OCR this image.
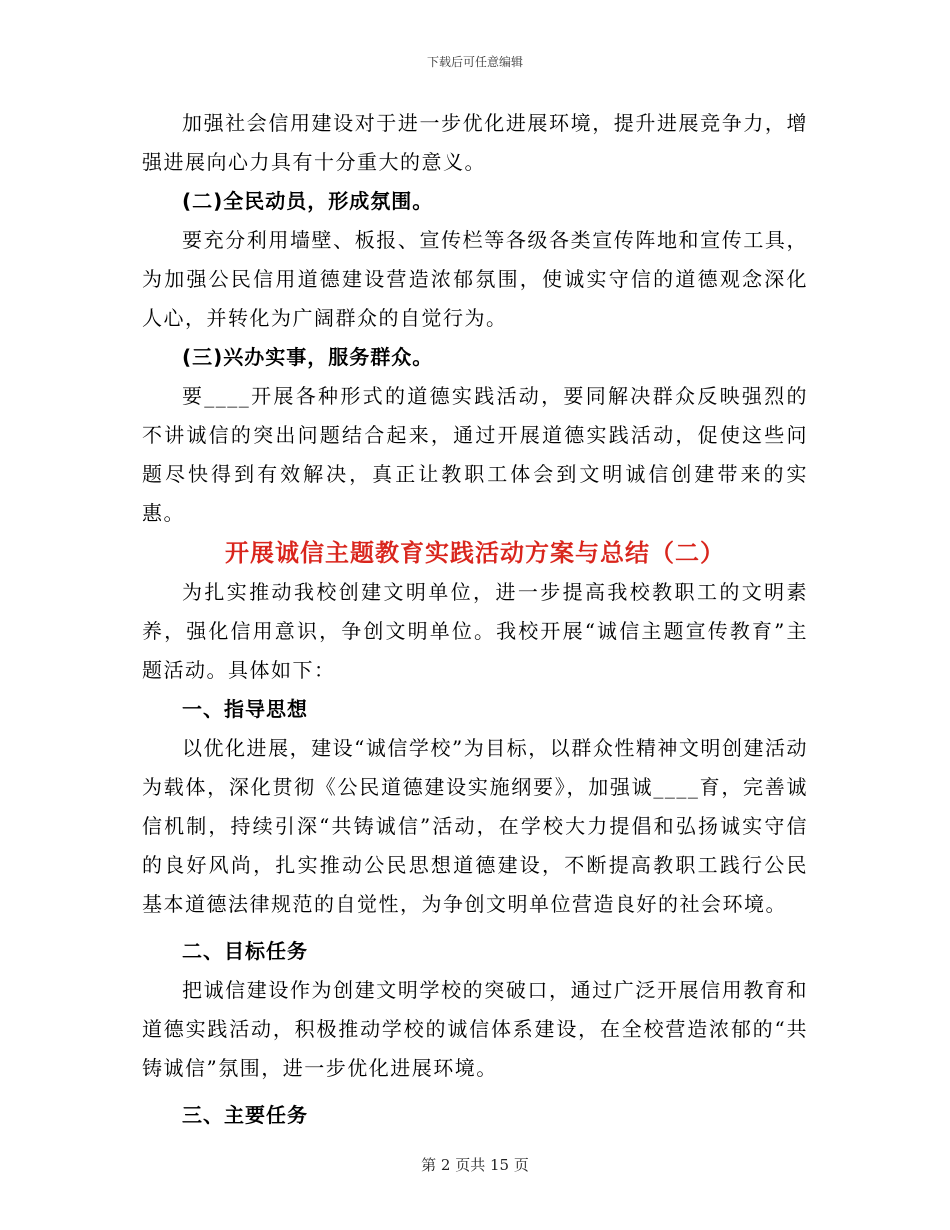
下载后可任意编辑

加强社会信用建设对于进一步优化进展环境，提升进展竞争力，增强进展向心力具有十分重大的意义。

(二)全民动员，形成氛围。

要充分利用墙壁、板报、宣传栏等各级各类宣传阵地和宣传工具，为加强公民信用道德建设营造浓郁氛围，使诚实守信的道德观念深化人心，并转化为广阔群众的自觉行为。

(三)兴办实事，服务群众。

要____开展各种形式的道德实践活动，要同解决群众反映强烈的不讲诚信的突出问题结合起来，通过开展道德实践活动，促使这些问题尽快得到有效解决，真正让教职工体会到文明诚信创建带来的实惠。

开展诚信主题教育实践活动方案与总结（二）

为扎实推动我校创建文明单位，进一步提高我校教职工的文明素养，强化信用意识，争创文明单位。我校开展“诚信主题宣传教育”主题活动。具体如下：

一、指导思想

以优化进展，建设“诚信学校”为目标，以群众性精神文明创建活动为载体，深化贯彻《公民道德建设实施纲要》，加强诚____育，完善诚信机制，持续引深“共铸诚信”活动，在学校大力提倡和弘扬诚实守信的良好风尚，扎实推动公民思想道德建设，不断提高教职工践行公民基本道德法律规范的自觉性，为争创文明单位营造良好的社会环境。

二、目标任务

把诚信建设作为创建文明学校的突破口，通过广泛开展信用教育和道德实践活动，积极推动学校的诚信体系建设，在全校营造浓郁的“共铸诚信”氛围，进一步优化进展环境。

三、主要任务

第 2 页共 15 页
